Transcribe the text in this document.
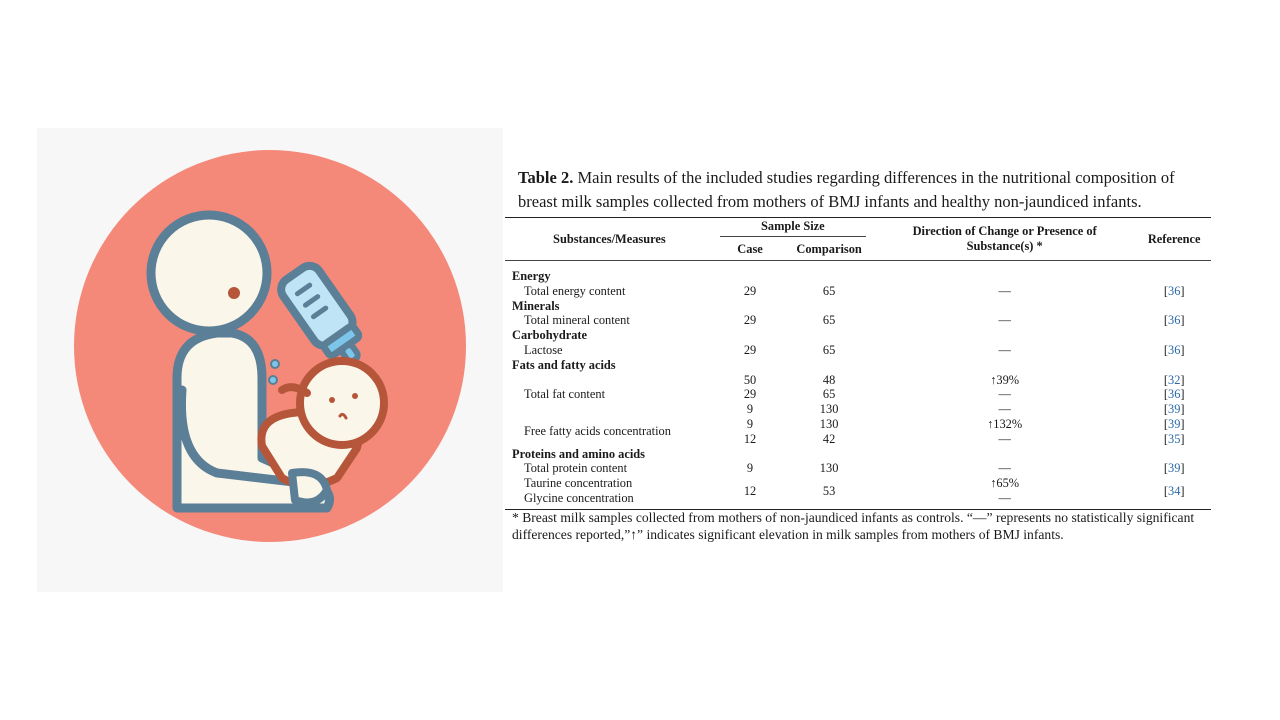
Table 2. Main results of the included studies regarding differences in the nutritional composition of breast milk samples collected from mothers of BMJ infants and healthy non-jaundiced infants.
Substances/Measures	Sample Size		Direction of Change or Presence of Substance(s) *	Reference
	Case	Comparison		

Energy				
Total energy content	29	65	—	[36]
Minerals				
Total mineral content	29	65	—	[36]
Carbohydrate				
Lactose	29	65	—	[36]
Fats and fatty acids				
Total fat content	50	48	↑39%	[32]
	29	65	—	[36]
	9	130	—	[39]
Free fatty acids concentration	9	130	↑132%	[39]
	12	42	—	[35]
Proteins and amino acids				
Total protein content	9	130	—	[39]
Taurine concentration	12	53	↑65%	[34]
Glycine concentration			—	

* Breast milk samples collected from mothers of non-jaundiced infants as controls. “—” represents no statistically significant differences reported,”↑” indicates significant elevation in milk samples from mothers of BMJ infants.
